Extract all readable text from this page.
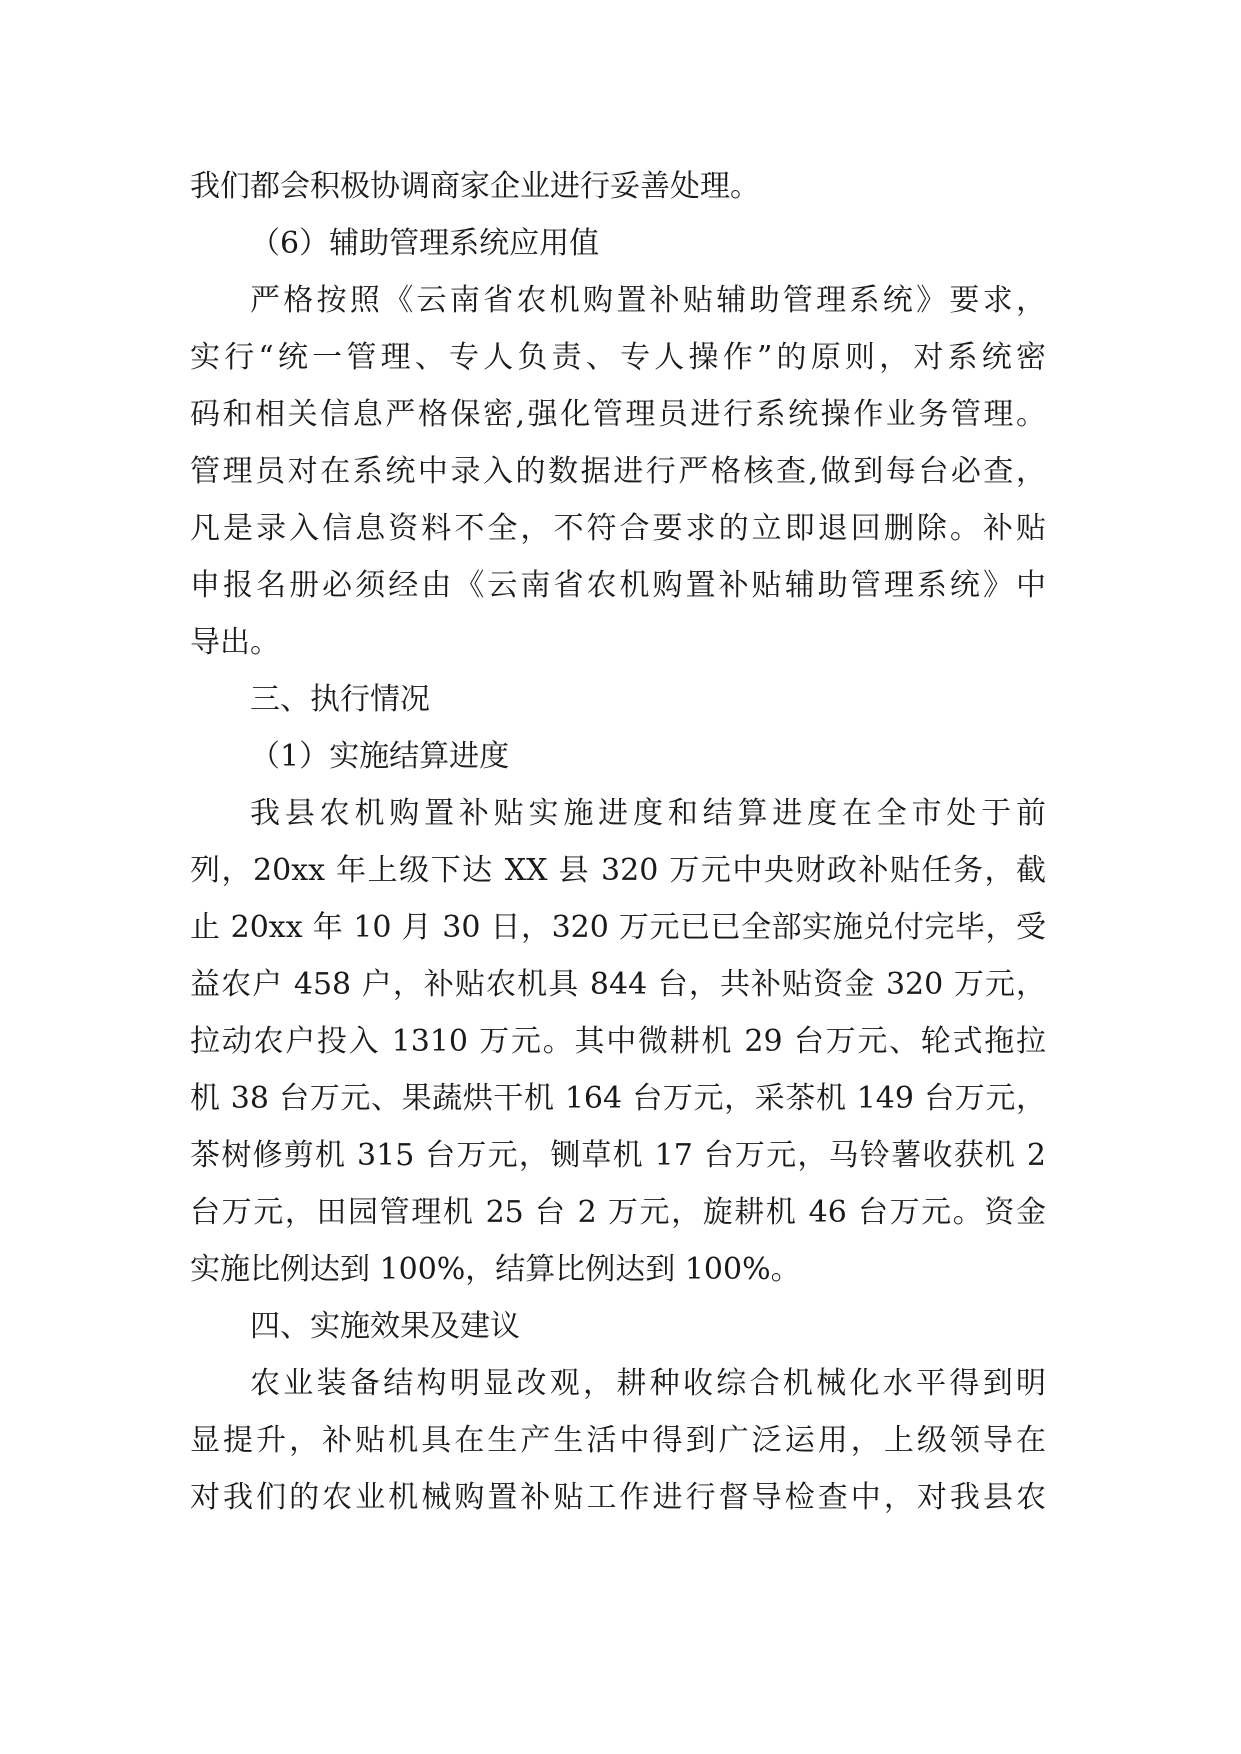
我们都会积极协调商家企业进行妥善处理。
（6）辅助管理系统应用值
严格按照《云南省农机购置补贴辅助管理系统》要求，
实行“统一管理、专人负责、专人操作”的原则，对系统密
码和相关信息严格保密,强化管理员进行系统操作业务管理。
管理员对在系统中录入的数据进行严格核查,做到每台必查，
凡是录入信息资料不全，不符合要求的立即退回删除。补贴
申报名册必须经由《云南省农机购置补贴辅助管理系统》中
导出。
三、执行情况
（1）实施结算进度
我县农机购置补贴实施进度和结算进度在全市处于前
列，20xx 年上级下达 XX 县 320 万元中央财政补贴任务，截
止 20xx 年 10 月 30 日，320 万元已已全部实施兑付完毕，受
益农户 458 户，补贴农机具 844 台，共补贴资金 320 万元，
拉动农户投入 1310 万元。其中微耕机 29 台万元、轮式拖拉
机 38 台万元、果蔬烘干机 164 台万元，采茶机 149 台万元，
茶树修剪机 315 台万元，铡草机 17 台万元，马铃薯收获机 2
台万元，田园管理机 25 台 2 万元，旋耕机 46 台万元。资金
实施比例达到 100%，结算比例达到 100%。
四、实施效果及建议
农业装备结构明显改观，耕种收综合机械化水平得到明
显提升，补贴机具在生产生活中得到广泛运用，上级领导在
对我们的农业机械购置补贴工作进行督导检查中，对我县农
